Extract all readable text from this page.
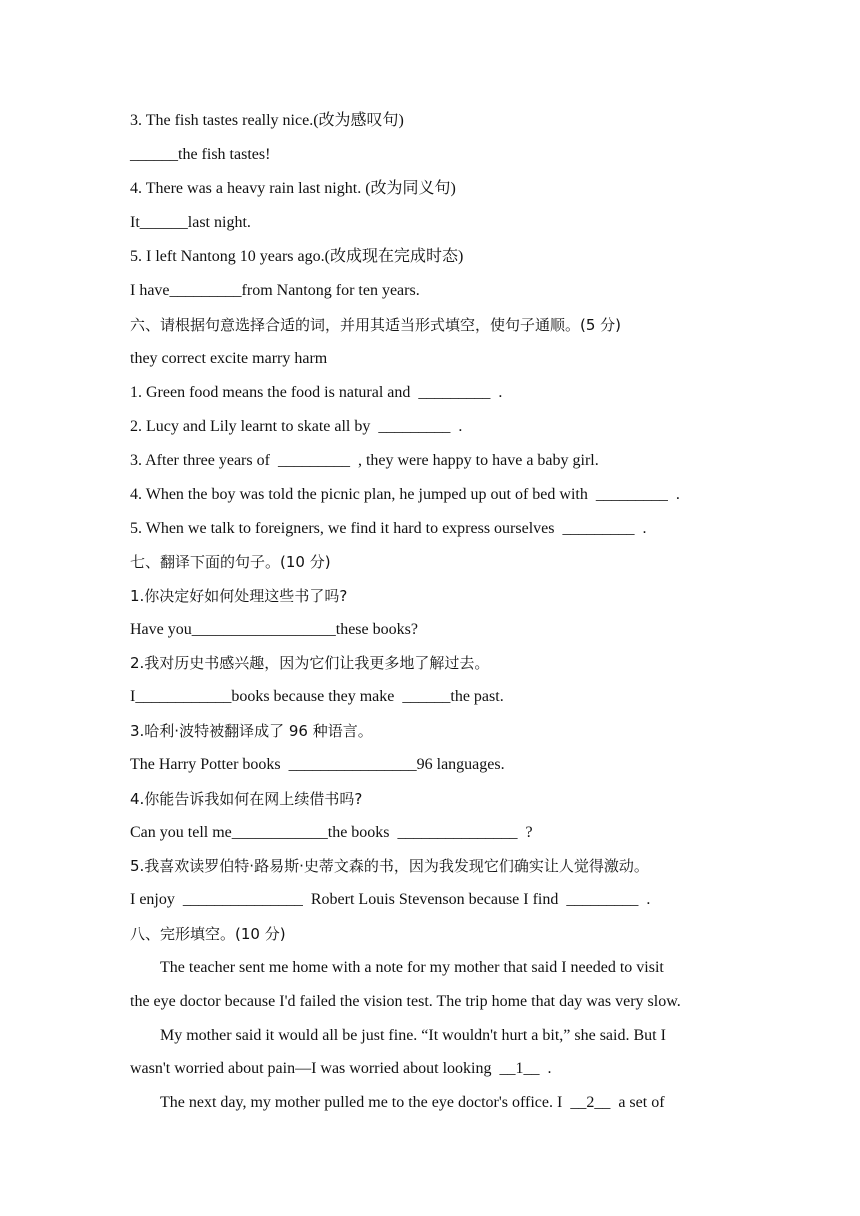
3. The fish tastes really nice.(改为感叹句)
______the fish tastes!
4. There was a heavy rain last night. (改为同义句)
It______last night.
5. I left Nantong 10 years ago.(改成现在完成时态)
I have_________from Nantong for ten years.
六、请根据句意选择合适的词，并用其适当形式填空，使句子通顺。(5 分)
they correct excite marry harm
1. Green food means the food is natural and  _________  .
2. Lucy and Lily learnt to skate all by  _________  .
3. After three years of  _________  , they were happy to have a baby girl.
4. When the boy was told the picnic plan, he jumped up out of bed with  _________  .
5. When we talk to foreigners, we find it hard to express ourselves  _________  .
七、翻译下面的句子。(10 分)
1.你决定好如何处理这些书了吗?
Have you__________________these books?
2.我对历史书感兴趣，因为它们让我更多地了解过去。
I____________books because they make  ______the past.
3.哈利·波特被翻译成了 96 种语言。
The Harry Potter books  ________________96 languages.
4.你能告诉我如何在网上续借书吗?
Can you tell me____________the books  _______________  ?
5.我喜欢读罗伯特·路易斯·史蒂文森的书，因为我发现它们确实让人觉得激动。
I enjoy  _______________  Robert Louis Stevenson because I find  _________  .
八、完形填空。(10 分)
The teacher sent me home with a note for my mother that said I needed to visit
the eye doctor because I'd failed the vision test. The trip home that day was very slow.
My mother said it would all be just fine. “It wouldn't hurt a bit,” she said. But I
wasn't worried about pain—I was worried about looking  __1__  .
The next day, my mother pulled me to the eye doctor's office. I  __2__  a set of
